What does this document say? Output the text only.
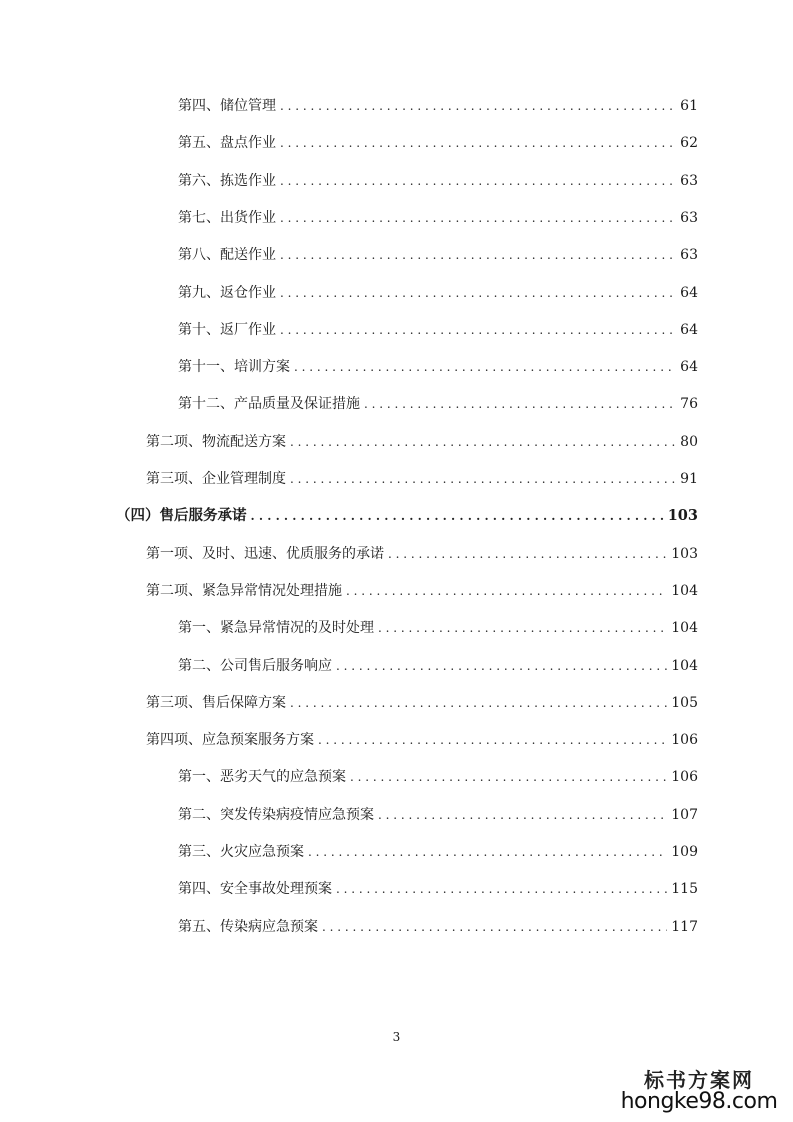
第四、储位管理 . . .	61
第五、盘点作业 . . .	62
第六、拣选作业 . . .	63
第七、出货作业 . . .	63
第八、配送作业 . . .	63
第九、返仓作业 . . .	64
第十、返厂作业 . . .	64
第十一、培训方案 . . .	64
第十二、产品质量及保证措施 . . .	76
第二项、物流配送方案 . . .	80
第三项、企业管理制度 . . .	91
（四）售后服务承诺 . . .	103
第一项、及时、迅速、优质服务的承诺 . . .	103
第二项、紧急异常情况处理措施 . . .	104
第一、紧急异常情况的及时处理 . . .	104
第二、公司售后服务响应 . . .	104
第三项、售后保障方案 . . .	105
第四项、应急预案服务方案 . . .	106
第一、恶劣天气的应急预案 . . .	106
第二、突发传染病疫情应急预案 . . .	107
第三、火灾应急预案 . . .	109
第四、安全事故处理预案 . . .	115
第五、传染病应急预案 . . .	117
3
标书方案网
hongke98.com
